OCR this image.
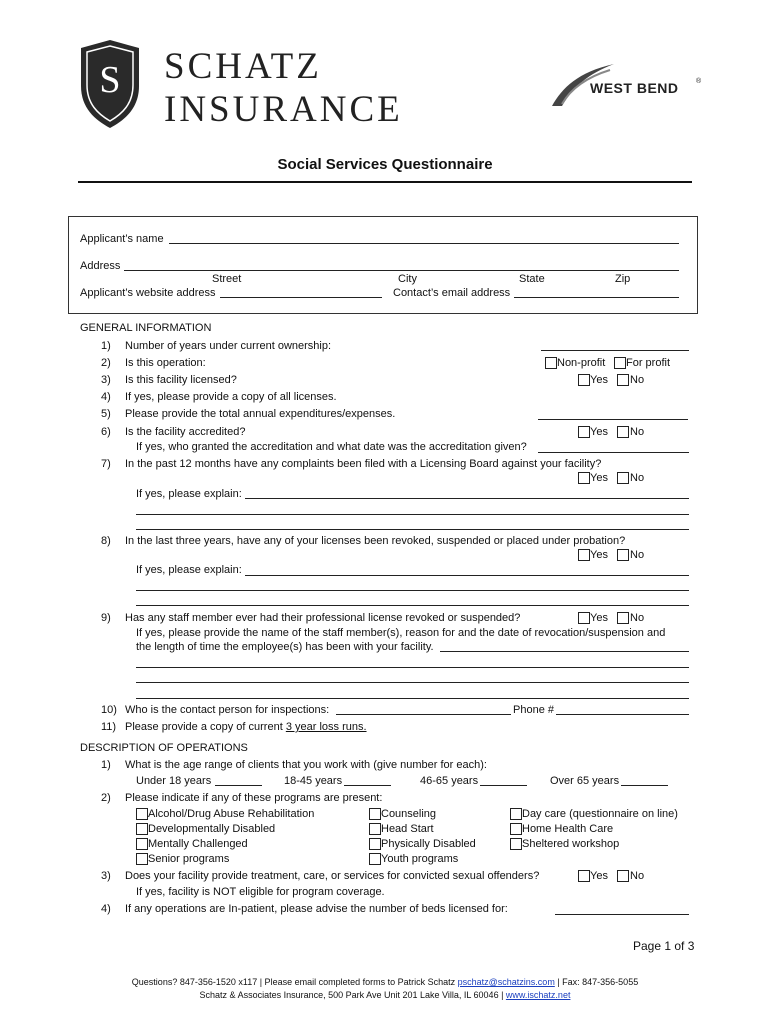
S	SCHATZ
INSURANCE
WEST BEND	®
Social Services Questionnaire
Applicant’s name
Address
Street	City	State	Zip
Applicant’s website address	Contact’s email address
GENERAL INFORMATION
1) Number of years under current ownership:
2) Is this operation:	Non-profit For profit
3) Is this facility licensed?	Yes No
4) If yes, please provide a copy of all licenses.
5) Please provide the total annual expenditures/expenses.
6) Is the facility accredited?	Yes No
If yes, who granted the accreditation and what date was the accreditation given?
7) In the past 12 months have any complaints been filed with a Licensing Board against your facility?
Yes No
If yes, please explain:
8) In the last three years, have any of your licenses been revoked, suspended or placed under probation?
Yes No
If yes, please explain:
9) Has any staff member ever had their professional license revoked or suspended?	Yes No
If yes, please provide the name of the staff member(s), reason for and the date of revocation/suspension and
the length of time the employee(s) has been with your facility.
10) Who is the contact person for inspections:	Phone #
11) Please provide a copy of current 3 year loss runs.
DESCRIPTION OF OPERATIONS
1) What is the age range of clients that you work with (give number for each):
Under 18 years	18-45 years	46-65 years	Over 65 years
2) Please indicate if any of these programs are present:
Alcohol/Drug Abuse Rehabilitation	Counseling	Day care (questionnaire on line)
Developmentally Disabled	Head Start	Home Health Care
Mentally Challenged	Physically Disabled	Sheltered workshop
Senior programs	Youth programs
3) Does your facility provide treatment, care, or services for convicted sexual offenders?	Yes No
If yes, facility is NOT eligible for program coverage.
4) If any operations are In-patient, please advise the number of beds licensed for:
Page 1 of 3
Questions? 847-356-1520 x117 | Please email completed forms to Patrick Schatz pschatz@schatzins.com | Fax: 847-356-5055
Schatz & Associates Insurance, 500 Park Ave Unit 201 Lake Villa, IL 60046 | www.ischatz.net
